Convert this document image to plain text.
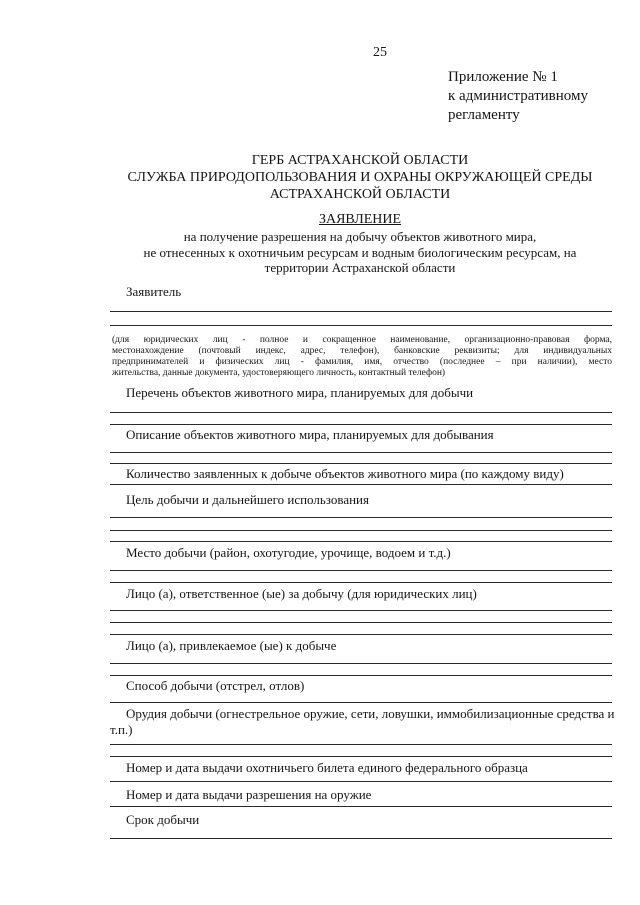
25
Приложение № 1
к административному
регламенту
ГЕРБ АСТРАХАНСКОЙ ОБЛАСТИ
СЛУЖБА ПРИРОДОПОЛЬЗОВАНИЯ И ОХРАНЫ ОКРУЖАЮЩЕЙ СРЕДЫ
АСТРАХАНСКОЙ ОБЛАСТИ
ЗАЯВЛЕНИЕ
на получение разрешения на добычу объектов животного мира,
не отнесенных к охотничьим ресурсам и водным биологическим ресурсам, на
территории Астраханской области
Заявитель
(для юридических лиц - полное и сокращенное наименование, организационно-правовая форма,
местонахождение (почтовый индекс, адрес, телефон), банковские реквизиты; для индивидуальных
предпринимателей и физических лиц - фамилия, имя, отчество (последнее – при наличии), место
жительства, данные документа, удостоверяющего личность, контактный телефон)
Перечень объектов животного мира, планируемых для добычи
Описание объектов животного мира, планируемых для добывания
Количество заявленных к добыче объектов животного мира (по каждому виду)
Цель добычи и дальнейшего использования
Место добычи (район, охотугодие, урочище, водоем и т.д.)
Лицо (а), ответственное (ые) за добычу (для юридических лиц)
Лицо (а), привлекаемое (ые) к добыче
Способ добычи (отстрел, отлов)
Орудия добычи (огнестрельное оружие, сети, ловушки, иммобилизационные средства и т.п.)
Номер и дата выдачи охотничьего билета единого федерального образца
Номер и дата выдачи разрешения на оружие
Срок добычи
